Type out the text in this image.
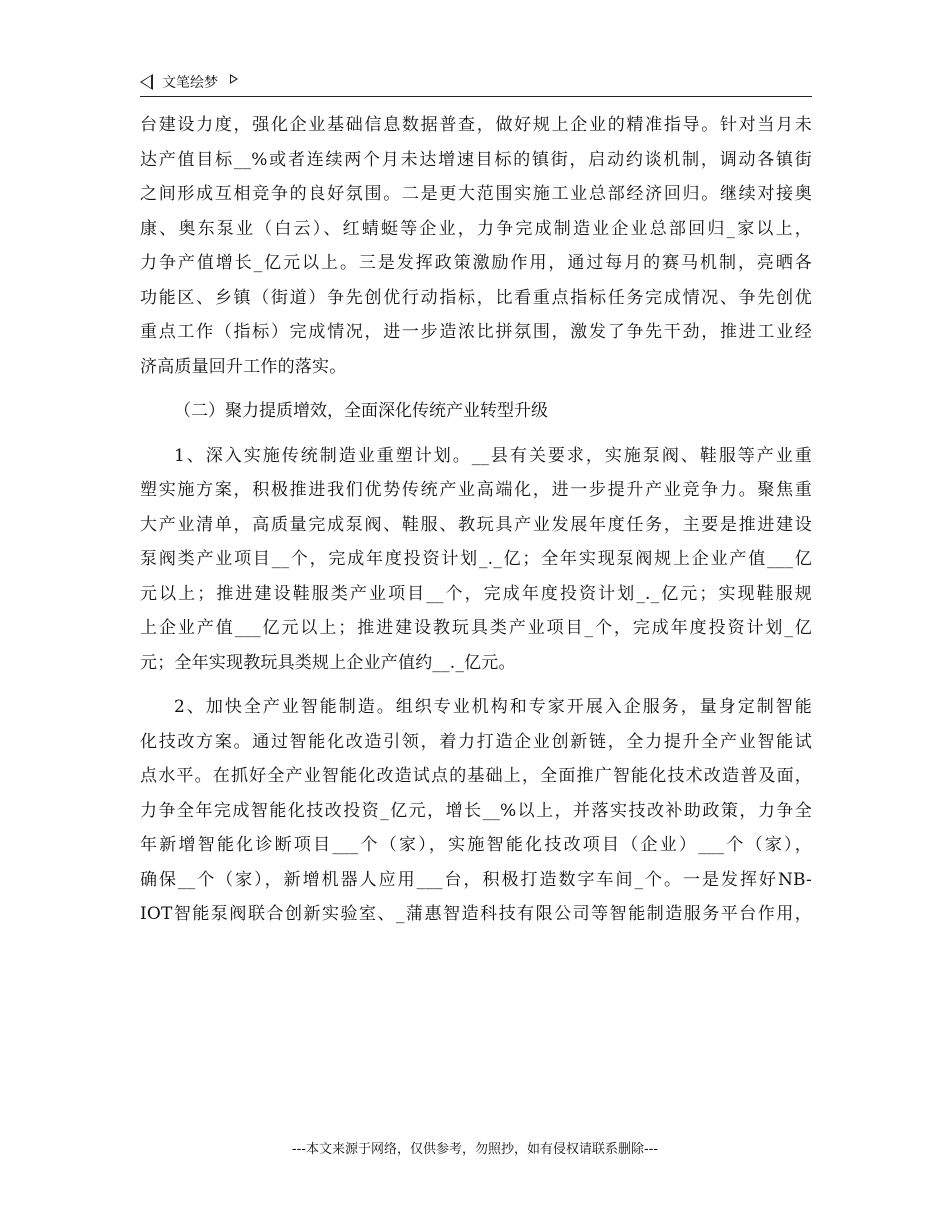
文笔绘梦
台建设力度，强化企业基础信息数据普查，做好规上企业的精准指导。针对当月未
达产值目标__%或者连续两个月未达增速目标的镇街，启动约谈机制，调动各镇街
之间形成互相竞争的良好氛围。二是更大范围实施工业总部经济回归。继续对接奥
康、奥东泵业（白云）、红蜻蜓等企业，力争完成制造业企业总部回归_家以上，
力争产值增长_亿元以上。三是发挥政策激励作用，通过每月的赛马机制，亮晒各
功能区、乡镇（街道）争先创优行动指标，比看重点指标任务完成情况、争先创优
重点工作（指标）完成情况，进一步造浓比拼氛围，激发了争先干劲，推进工业经
济高质量回升工作的落实。
（二）聚力提质增效，全面深化传统产业转型升级
1、深入实施传统制造业重塑计划。__县有关要求，实施泵阀、鞋服等产业重
塑实施方案，积极推进我们优势传统产业高端化，进一步提升产业竞争力。聚焦重
大产业清单，高质量完成泵阀、鞋服、教玩具产业发展年度任务，主要是推进建设
泵阀类产业项目__个，完成年度投资计划_._亿；全年实现泵阀规上企业产值___亿
元以上；推进建设鞋服类产业项目__个，完成年度投资计划_._亿元；实现鞋服规
上企业产值___亿元以上；推进建设教玩具类产业项目_个，完成年度投资计划_亿
元；全年实现教玩具类规上企业产值约__._亿元。
2、加快全产业智能制造。组织专业机构和专家开展入企服务，量身定制智能
化技改方案。通过智能化改造引领，着力打造企业创新链，全力提升全产业智能试
点水平。在抓好全产业智能化改造试点的基础上，全面推广智能化技术改造普及面，
力争全年完成智能化技改投资_亿元，增长__%以上，并落实技改补助政策，力争全
年新增智能化诊断项目___个（家），实施智能化技改项目（企业）___个（家），
确保__个（家），新增机器人应用___台，积极打造数字车间_个。一是发挥好NB-
IOT智能泵阀联合创新实验室、_蒲惠智造科技有限公司等智能制造服务平台作用，
---本文来源于网络，仅供参考，勿照抄，如有侵权请联系删除---
